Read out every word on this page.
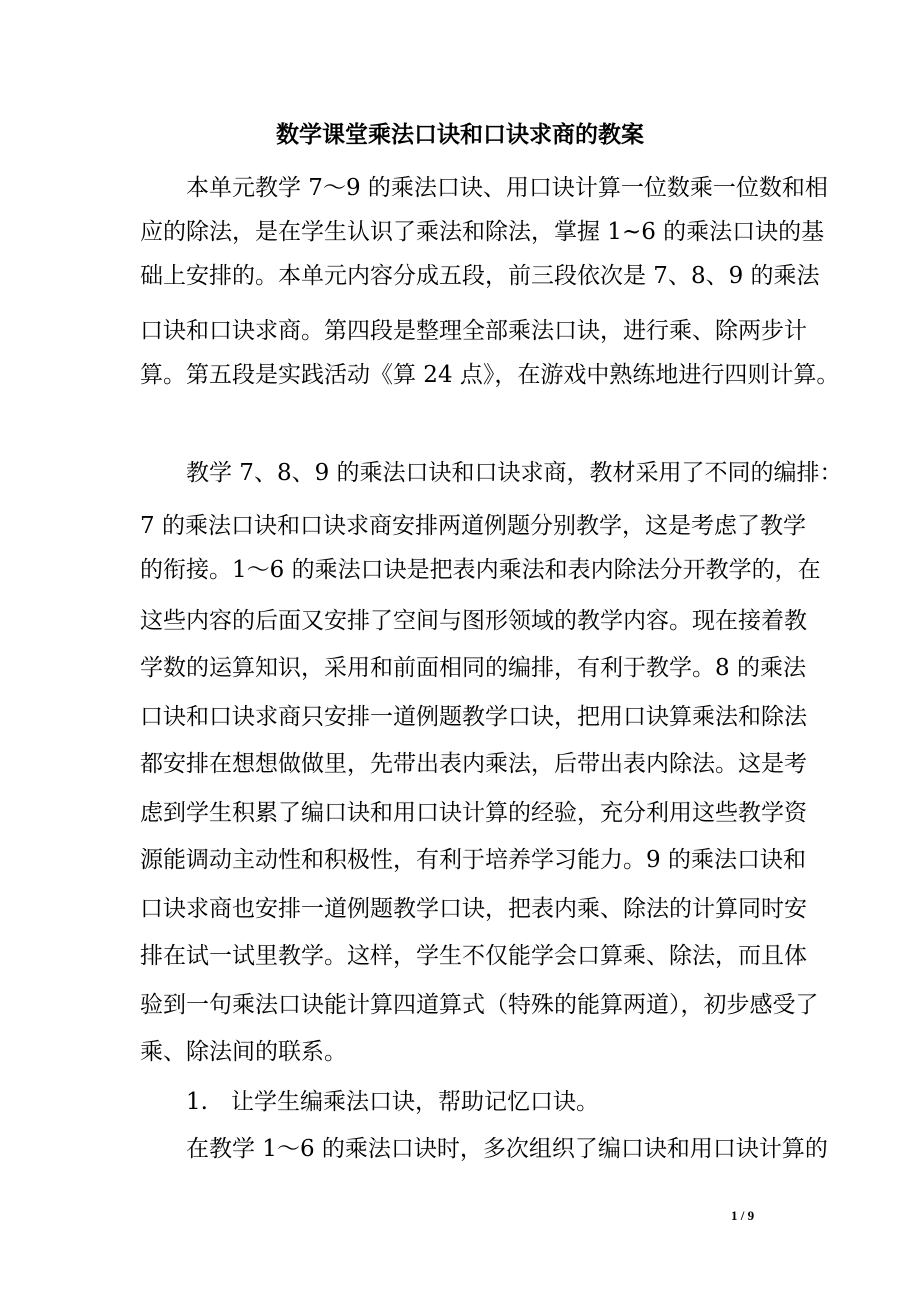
数学课堂乘法口诀和口诀求商的教案
　　本单元教学 7～9 的乘法口诀、用口诀计算一位数乘一位数和相
应的除法，是在学生认识了乘法和除法，掌握 1~6 的乘法口诀的基
础上安排的。本单元内容分成五段，前三段依次是 7、8、9 的乘法
口诀和口诀求商。第四段是整理全部乘法口诀，进行乘、除两步计
算。第五段是实践活动《算 24 点》，在游戏中熟练地进行四则计算。
　　教学 7、8、9 的乘法口诀和口诀求商，教材采用了不同的编排：
7 的乘法口诀和口诀求商安排两道例题分别教学，这是考虑了教学
的衔接。1～6 的乘法口诀是把表内乘法和表内除法分开教学的，在
这些内容的后面又安排了空间与图形领域的教学内容。现在接着教
学数的运算知识，采用和前面相同的编排，有利于教学。8 的乘法
口诀和口诀求商只安排一道例题教学口诀，把用口诀算乘法和除法
都安排在想想做做里，先带出表内乘法，后带出表内除法。这是考
虑到学生积累了编口诀和用口诀计算的经验，充分利用这些教学资
源能调动主动性和积极性，有利于培养学习能力。9 的乘法口诀和
口诀求商也安排一道例题教学口诀，把表内乘、除法的计算同时安
排在试一试里教学。这样，学生不仅能学会口算乘、除法，而且体
验到一句乘法口诀能计算四道算式（特殊的能算两道），初步感受了
乘、除法间的联系。
　　1.　让学生编乘法口诀，帮助记忆口诀。
　　在教学 1～6 的乘法口诀时，多次组织了编口诀和用口诀计算的
1 / 9
